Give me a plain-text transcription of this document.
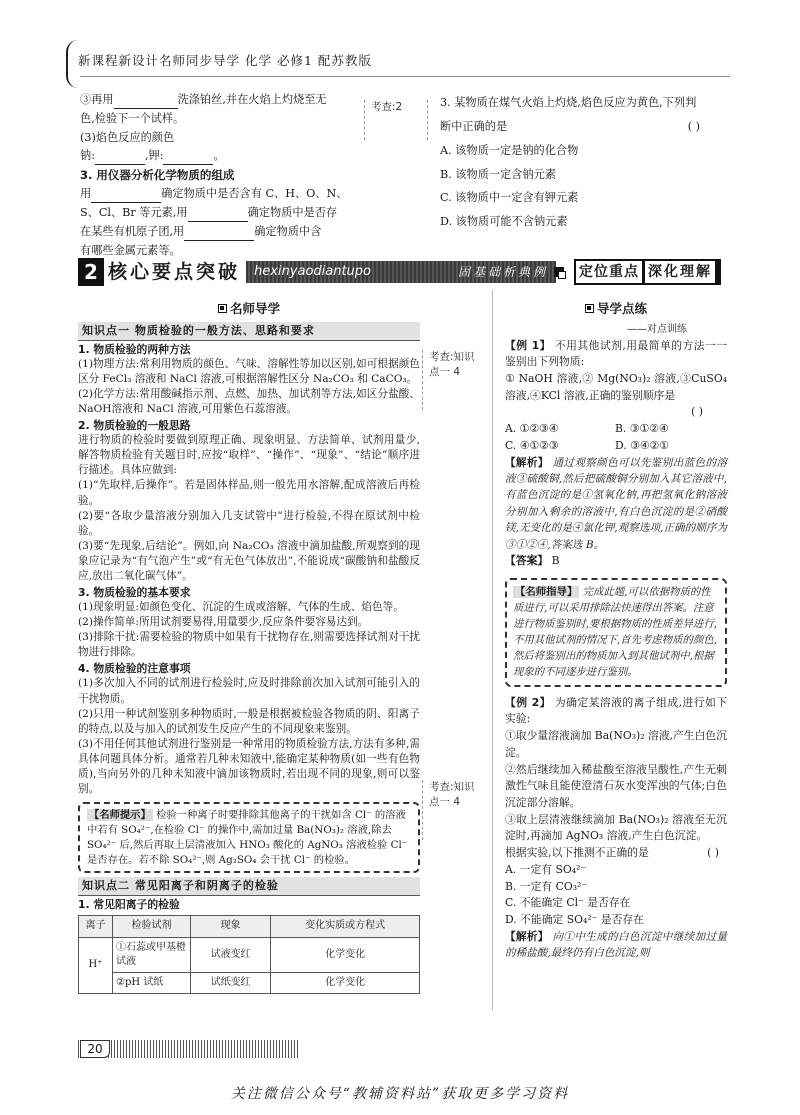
新课程新设计名师同步导学 化学 必修1 配苏教版

③再用	洗涤铂丝,并在火焰上灼烧至无

色,检验下一个试样。

(3)焰色反应的颜色

钠:	,钾:	。

3. 用仪器分析化学物质的组成

用	确定物质中是否含有 C、H、O、N、

S、Cl、Br 等元素,用	确定物质中是否存

在某些有机原子团,用	确定物质中含

有哪些金属元素等。

考查:2	3. 某物质在煤气火焰上灼烧,焰色反应为黄色,下列判

断中正确的是	( )

A. 该物质一定是钠的化合物

B. 该物质一定含钠元素

C. 该物质中一定含有钾元素

D. 该物质可能不含钠元素

2 核心要点突破	hexinyaodiantupo	固基础析典例	定位重点 深化理解
名师导学
知识点一 物质检验的一般方法、思路和要求
1. 物质检验的两种方法

(1)物理方法:常利用物质的颜色、气味、溶解性等加以区别,如可根据颜色区分 FeCl₃ 溶液和 NaCl 溶液,可根据溶解性区分 Na₂CO₃ 和 CaCO₃。

(2)化学方法:常用酸碱指示剂、点燃、加热、加试剂等方法,如区分盐酸、NaOH溶液和 NaCl 溶液,可用紫色石蕊溶液。

2. 物质检验的一般思路

进行物质的检验时要做到原理正确、现象明显、方法简单、试剂用量少,解答物质检验有关题目时,应按“取样”、“操作”、“现象”、“结论”顺序进行描述。具体应做到:

(1)“先取样,后操作”。若是固体样品,则一般先用水溶解,配成溶液后再检验。

(2)要“各取少量溶液分别加入几支试管中”进行检验,不得在原试剂中检验。

(3)要“先现象,后结论”。例如,向 Na₂CO₃ 溶液中滴加盐酸,所观察到的现象应记录为“有气泡产生”或“有无色气体放出”,不能说成“碳酸钠和盐酸反应,放出二氧化碳气体”。

3. 物质检验的基本要求

(1)现象明显:如颜色变化、沉淀的生成或溶解、气体的生成、焰色等。

(2)操作简单:所用试剂要易得,用量要少,反应条件要容易达到。

(3)排除干扰:需要检验的物质中如果有干扰物存在,则需要选择试剂对干扰物进行排除。

4. 物质检验的注意事项

(1)多次加入不同的试剂进行检验时,应及时排除前次加入试剂可能引入的干扰物质。

(2)只用一种试剂鉴别多种物质时,一般是根据被检验各物质的阴、阳离子的特点,以及与加入的试剂发生反应产生的不同现象来鉴别。

(3)不用任何其他试剂进行鉴别是一种常用的物质检验方法,方法有多种,需具体问题具体分析。通常若几种未知液中,能确定某种物质(如一些有色物质),当向另外的几种未知液中滴加该物质时,若出现不同的现象,则可以鉴别。

【名师提示】 检验一种离子时要排除其他离子的干扰如含 Cl⁻ 的溶液中若有 SO₄²⁻,在检验 Cl⁻ 的操作中,需加过量 Ba(NO₃)₂ 溶液,除去 SO₄²⁻ 后,然后再取上层清液加入 HNO₃ 酸化的 AgNO₃ 溶液检验 Cl⁻ 是否存在。若不除 SO₄²⁻,则 Ag₂SO₄ 会干扰 Cl⁻ 的检验。
知识点二 常见阳离子和阴离子的检验
1. 常见阳离子的检验
离子	检验试剂	现象	变化实质或方程式
H⁺	①石蕊或甲基橙试液	试液变红	化学变化
	②pH 试纸	试纸变红	化学变化
考查:知识点一 4
考查:知识点一 4
导学点练

——对点训练

【例 1】 不用其他试剂,用最简单的方法一一鉴别出下列物质:

① NaOH 溶液,② Mg(NO₃)₂ 溶液,③CuSO₄ 溶液,④KCl 溶液,正确的鉴别顺序是

( )

A. ①②③④	B. ③①②④

C. ④①②③	D. ③④②①

【解析】 通过观察颜色可以先鉴别出蓝色的溶液③硫酸铜,然后把硫酸铜分别加入其它溶液中,有蓝色沉淀的是①氢氧化钠,再把氢氧化钠溶液分别加入剩余的溶液中,有白色沉淀的是②硝酸镁,无变化的是④氯化钾,观察选项,正确的顺序为③①②④,答案选 B。

【答案】 B

【名师指导】 完成此题,可以依据物质的性质进行,可以采用排除法快速得出答案。注意进行物质鉴别时,要根据物质的性质差异进行,不用其他试剂的情况下,首先考虑物质的颜色,然后将鉴别出的物质加入到其他试剂中,根据现象的不同逐步进行鉴别。

【例 2】 为确定某溶液的离子组成,进行如下实验:

①取少量溶液滴加 Ba(NO₃)₂ 溶液,产生白色沉淀。

②然后继续加入稀盐酸至溶液呈酸性,产生无刺激性气味且能使澄清石灰水变浑浊的气体;白色沉淀部分溶解。

③取上层清液继续滴加 Ba(NO₃)₂ 溶液至无沉淀时,再滴加 AgNO₃ 溶液,产生白色沉淀。

根据实验,以下推测不正确的是	( )

A. 一定有 SO₄²⁻

B. 一定有 CO₃²⁻

C. 不能确定 Cl⁻ 是否存在

D. 不能确定 SO₄²⁻ 是否存在

【解析】 向①中生成的白色沉淀中继续加过量的稀盐酸,最终仍有白色沉淀,则

20
关注微信公众号“教辅资料站”获取更多学习资料
